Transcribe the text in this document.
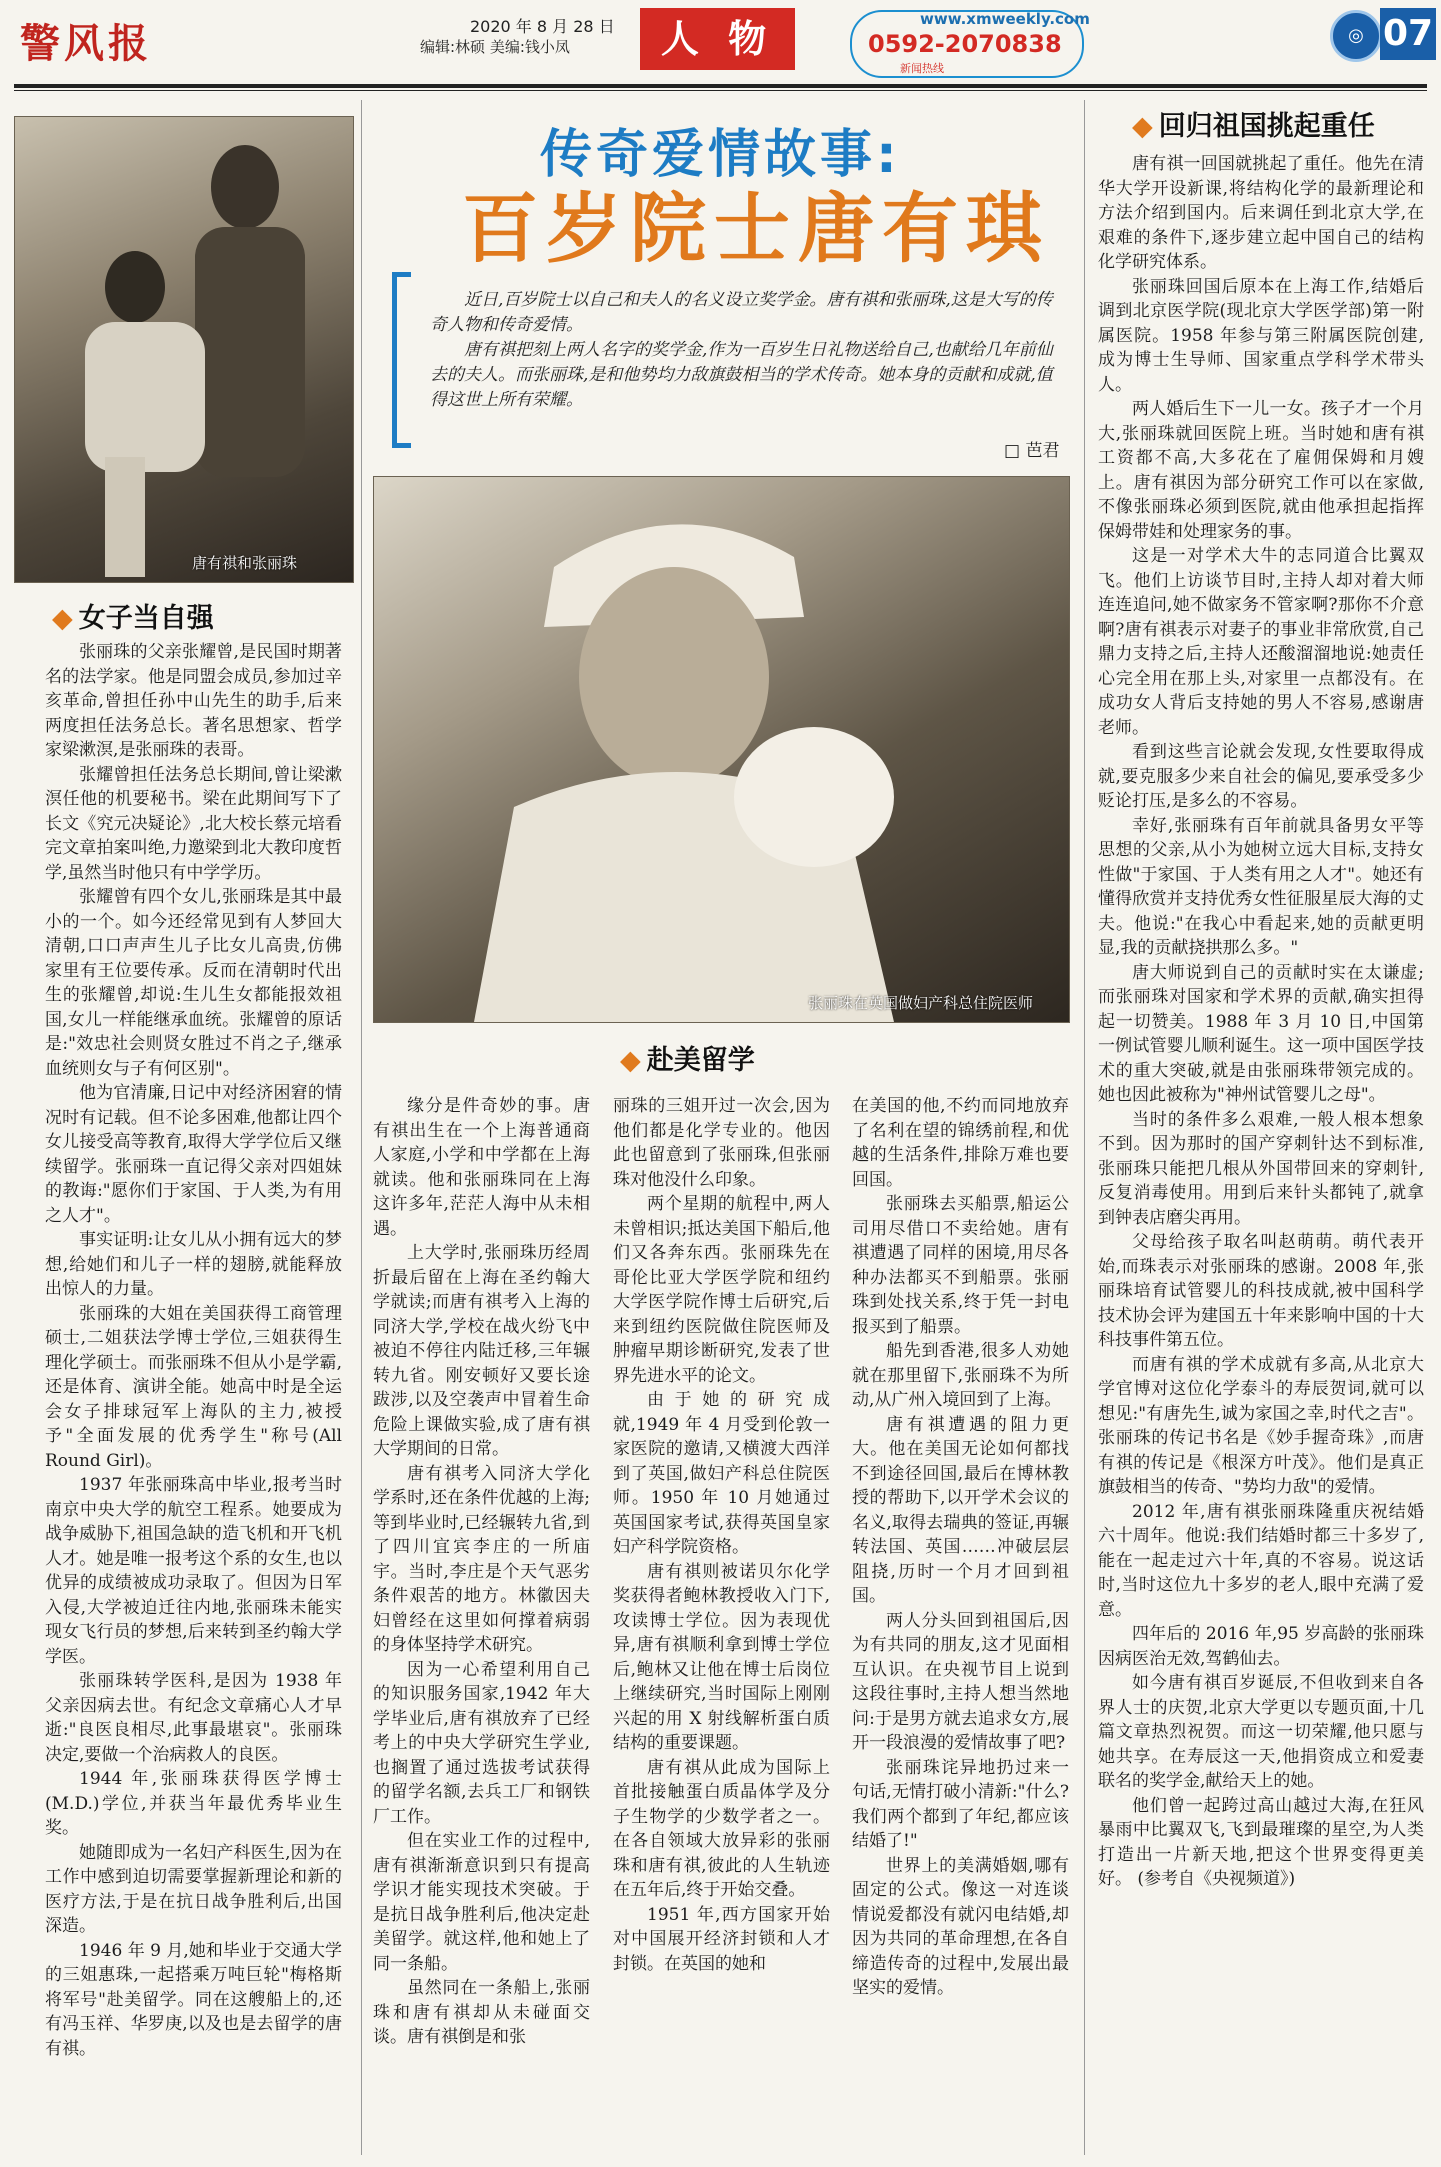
警风报	2020 年 8 月 28 日
编辑:林硕 美编:钱小凤	人 物	www.xmweekly.com
0592-2070838
新闻热线
◎ 07
唐有祺和张丽珠
传奇爱情故事:
百岁院士唐有琪

近日,百岁院士以自己和夫人的名义设立奖学金。唐有祺和张丽珠,这是大写的传奇人物和传奇爱情。

唐有祺把刻上两人名字的奖学金,作为一百岁生日礼物送给自己,也献给几年前仙去的夫人。而张丽珠,是和他势均力敌旗鼓相当的学术传奇。她本身的贡献和成就,值得这世上所有荣耀。

□ 芭君
张丽珠在英国做妇产科总住院医师
◆ 女子当自强
◆ 赴美留学
◆ 回归祖国挑起重任

张丽珠的父亲张耀曾,是民国时期著名的法学家。他是同盟会成员,参加过辛亥革命,曾担任孙中山先生的助手,后来两度担任法务总长。著名思想家、哲学家梁漱溟,是张丽珠的表哥。

张耀曾担任法务总长期间,曾让梁漱溟任他的机要秘书。梁在此期间写下了长文《究元决疑论》,北大校长蔡元培看完文章拍案叫绝,力邀梁到北大教印度哲学,虽然当时他只有中学学历。

张耀曾有四个女儿,张丽珠是其中最小的一个。如今还经常见到有人梦回大清朝,口口声声生儿子比女儿高贵,仿佛家里有王位要传承。反而在清朝时代出生的张耀曾,却说:生儿生女都能报效祖国,女儿一样能继承血统。张耀曾的原话是:"效忠社会则贤女胜过不肖之子,继承血统则女与子有何区别"。

他为官清廉,日记中对经济困窘的情况时有记载。但不论多困难,他都让四个女儿接受高等教育,取得大学学位后又继续留学。张丽珠一直记得父亲对四姐妹的教诲:"愿你们于家国、于人类,为有用之人才"。

事实证明:让女儿从小拥有远大的梦想,给她们和儿子一样的翅膀,就能释放出惊人的力量。

张丽珠的大姐在美国获得工商管理硕士,二姐获法学博士学位,三姐获得生理化学硕士。而张丽珠不但从小是学霸,还是体育、演讲全能。她高中时是全运会女子排球冠军上海队的主力,被授予"全面发展的优秀学生"称号(All Round Girl)。

1937 年张丽珠高中毕业,报考当时南京中央大学的航空工程系。她要成为战争威胁下,祖国急缺的造飞机和开飞机人才。她是唯一报考这个系的女生,也以优异的成绩被成功录取了。但因为日军入侵,大学被迫迁往内地,张丽珠未能实现女飞行员的梦想,后来转到圣约翰大学学医。

张丽珠转学医科,是因为 1938 年父亲因病去世。有纪念文章痛心人才早逝:"良医良相尽,此事最堪哀"。张丽珠决定,要做一个治病救人的良医。

1944 年,张丽珠获得医学博士(M.D.)学位,并获当年最优秀毕业生奖。

她随即成为一名妇产科医生,因为在工作中感到迫切需要掌握新理论和新的医疗方法,于是在抗日战争胜利后,出国深造。

1946 年 9 月,她和毕业于交通大学的三姐惠珠,一起搭乘万吨巨轮"梅格斯将军号"赴美留学。同在这艘船上的,还有冯玉祥、华罗庚,以及也是去留学的唐有祺。

缘分是件奇妙的事。唐有祺出生在一个上海普通商人家庭,小学和中学都在上海就读。他和张丽珠同在上海这许多年,茫茫人海中从未相遇。

上大学时,张丽珠历经周折最后留在上海在圣约翰大学就读;而唐有祺考入上海的同济大学,学校在战火纷飞中被迫不停往内陆迁移,三年辗转九省。刚安顿好又要长途跋涉,以及空袭声中冒着生命危险上课做实验,成了唐有祺大学期间的日常。

唐有祺考入同济大学化学系时,还在条件优越的上海;等到毕业时,已经辗转九省,到了四川宜宾李庄的一所庙宇。当时,李庄是个天气恶劣条件艰苦的地方。林徽因夫妇曾经在这里如何撑着病弱的身体坚持学术研究。

因为一心希望利用自己的知识服务国家,1942 年大学毕业后,唐有祺放弃了已经考上的中央大学研究生学业,也搁置了通过选拔考试获得的留学名额,去兵工厂和钢铁厂工作。

但在实业工作的过程中,唐有祺渐渐意识到只有提高学识才能实现技术突破。于是抗日战争胜利后,他决定赴美留学。就这样,他和她上了同一条船。

虽然同在一条船上,张丽珠和唐有祺却从未碰面交谈。唐有祺倒是和张

丽珠的三姐开过一次会,因为他们都是化学专业的。他因此也留意到了张丽珠,但张丽珠对他没什么印象。

两个星期的航程中,两人未曾相识;抵达美国下船后,他们又各奔东西。张丽珠先在哥伦比亚大学医学院和纽约大学医学院作博士后研究,后来到纽约医院做住院医师及肿瘤早期诊断研究,发表了世界先进水平的论文。

由于她的研究成就,1949 年 4 月受到伦敦一家医院的邀请,又横渡大西洋到了英国,做妇产科总住院医师。1950 年 10 月她通过英国国家考试,获得英国皇家妇产科学院资格。

唐有祺则被诺贝尔化学奖获得者鲍林教授收入门下,攻读博士学位。因为表现优异,唐有祺顺利拿到博士学位后,鲍林又让他在博士后岗位上继续研究,当时国际上刚刚兴起的用 X 射线解析蛋白质结构的重要课题。

唐有祺从此成为国际上首批接触蛋白质晶体学及分子生物学的少数学者之一。在各自领域大放异彩的张丽珠和唐有祺,彼此的人生轨迹在五年后,终于开始交叠。

1951 年,西方国家开始对中国展开经济封锁和人才封锁。在英国的她和

在美国的他,不约而同地放弃了名利在望的锦绣前程,和优越的生活条件,排除万难也要回国。

张丽珠去买船票,船运公司用尽借口不卖给她。唐有祺遭遇了同样的困境,用尽各种办法都买不到船票。张丽珠到处找关系,终于凭一封电报买到了船票。

船先到香港,很多人劝她就在那里留下,张丽珠不为所动,从广州入境回到了上海。

唐有祺遭遇的阻力更大。他在美国无论如何都找不到途径回国,最后在博林教授的帮助下,以开学术会议的名义,取得去瑞典的签证,再辗转法国、英国……冲破层层阻挠,历时一个月才回到祖国。

两人分头回到祖国后,因为有共同的朋友,这才见面相互认识。在央视节目上说到这段往事时,主持人想当然地问:于是男方就去追求女方,展开一段浪漫的爱情故事了吧?

张丽珠诧异地扔过来一句话,无情打破小清新:"什么?我们两个都到了年纪,都应该结婚了!"

世界上的美满婚姻,哪有固定的公式。像这一对连谈情说爱都没有就闪电结婚,却因为共同的革命理想,在各自缔造传奇的过程中,发展出最坚实的爱情。

唐有祺一回国就挑起了重任。他先在清华大学开设新课,将结构化学的最新理论和方法介绍到国内。后来调任到北京大学,在艰难的条件下,逐步建立起中国自己的结构化学研究体系。

张丽珠回国后原本在上海工作,结婚后调到北京医学院(现北京大学医学部)第一附属医院。1958 年参与第三附属医院创建,成为博士生导师、国家重点学科学术带头人。

两人婚后生下一儿一女。孩子才一个月大,张丽珠就回医院上班。当时她和唐有祺工资都不高,大多花在了雇佣保姆和月嫂上。唐有祺因为部分研究工作可以在家做,不像张丽珠必须到医院,就由他承担起指挥保姆带娃和处理家务的事。

这是一对学术大牛的志同道合比翼双飞。他们上访谈节目时,主持人却对着大师连连追问,她不做家务不管家啊?那你不介意啊?唐有祺表示对妻子的事业非常欣赏,自己鼎力支持之后,主持人还酸溜溜地说:她责任心完全用在那上头,对家里一点都没有。在成功女人背后支持她的男人不容易,感谢唐老师。

看到这些言论就会发现,女性要取得成就,要克服多少来自社会的偏见,要承受多少贬论打压,是多么的不容易。

幸好,张丽珠有百年前就具备男女平等思想的父亲,从小为她树立远大目标,支持女性做"于家国、于人类有用之人才"。她还有懂得欣赏并支持优秀女性征服星辰大海的丈夫。他说:"在我心中看起来,她的贡献更明显,我的贡献挠拱那么多。"

唐大师说到自己的贡献时实在太谦虚;而张丽珠对国家和学术界的贡献,确实担得起一切赞美。1988 年 3 月 10 日,中国第一例试管婴儿顺利诞生。这一项中国医学技术的重大突破,就是由张丽珠带领完成的。她也因此被称为"神州试管婴儿之母"。

当时的条件多么艰难,一般人根本想象不到。因为那时的国产穿刺针达不到标准,张丽珠只能把几根从外国带回来的穿刺针,反复消毒使用。用到后来针头都钝了,就拿到钟表店磨尖再用。

父母给孩子取名叫赵萌萌。萌代表开始,而珠表示对张丽珠的感谢。2008 年,张丽珠培育试管婴儿的科技成就,被中国科学技术协会评为建国五十年来影响中国的十大科技事件第五位。

而唐有祺的学术成就有多高,从北京大学官博对这位化学泰斗的寿辰贺词,就可以想见:"有唐先生,诚为家国之幸,时代之吉"。张丽珠的传记书名是《妙手握奇珠》,而唐有祺的传记是《根深方叶茂》。他们是真正旗鼓相当的传奇、"势均力敌"的爱情。

2012 年,唐有祺张丽珠隆重庆祝结婚六十周年。他说:我们结婚时都三十多岁了,能在一起走过六十年,真的不容易。说这话时,当时这位九十多岁的老人,眼中充满了爱意。

四年后的 2016 年,95 岁高龄的张丽珠因病医治无效,驾鹤仙去。

如今唐有祺百岁诞辰,不但收到来自各界人士的庆贺,北京大学更以专题页面,十几篇文章热烈祝贺。而这一切荣耀,他只愿与她共享。在寿辰这一天,他捐资成立和爱妻联名的奖学金,献给天上的她。

他们曾一起跨过高山越过大海,在狂风暴雨中比翼双飞,飞到最璀璨的星空,为人类打造出一片新天地,把这个世界变得更美好。 (参考自《央视频道》)
